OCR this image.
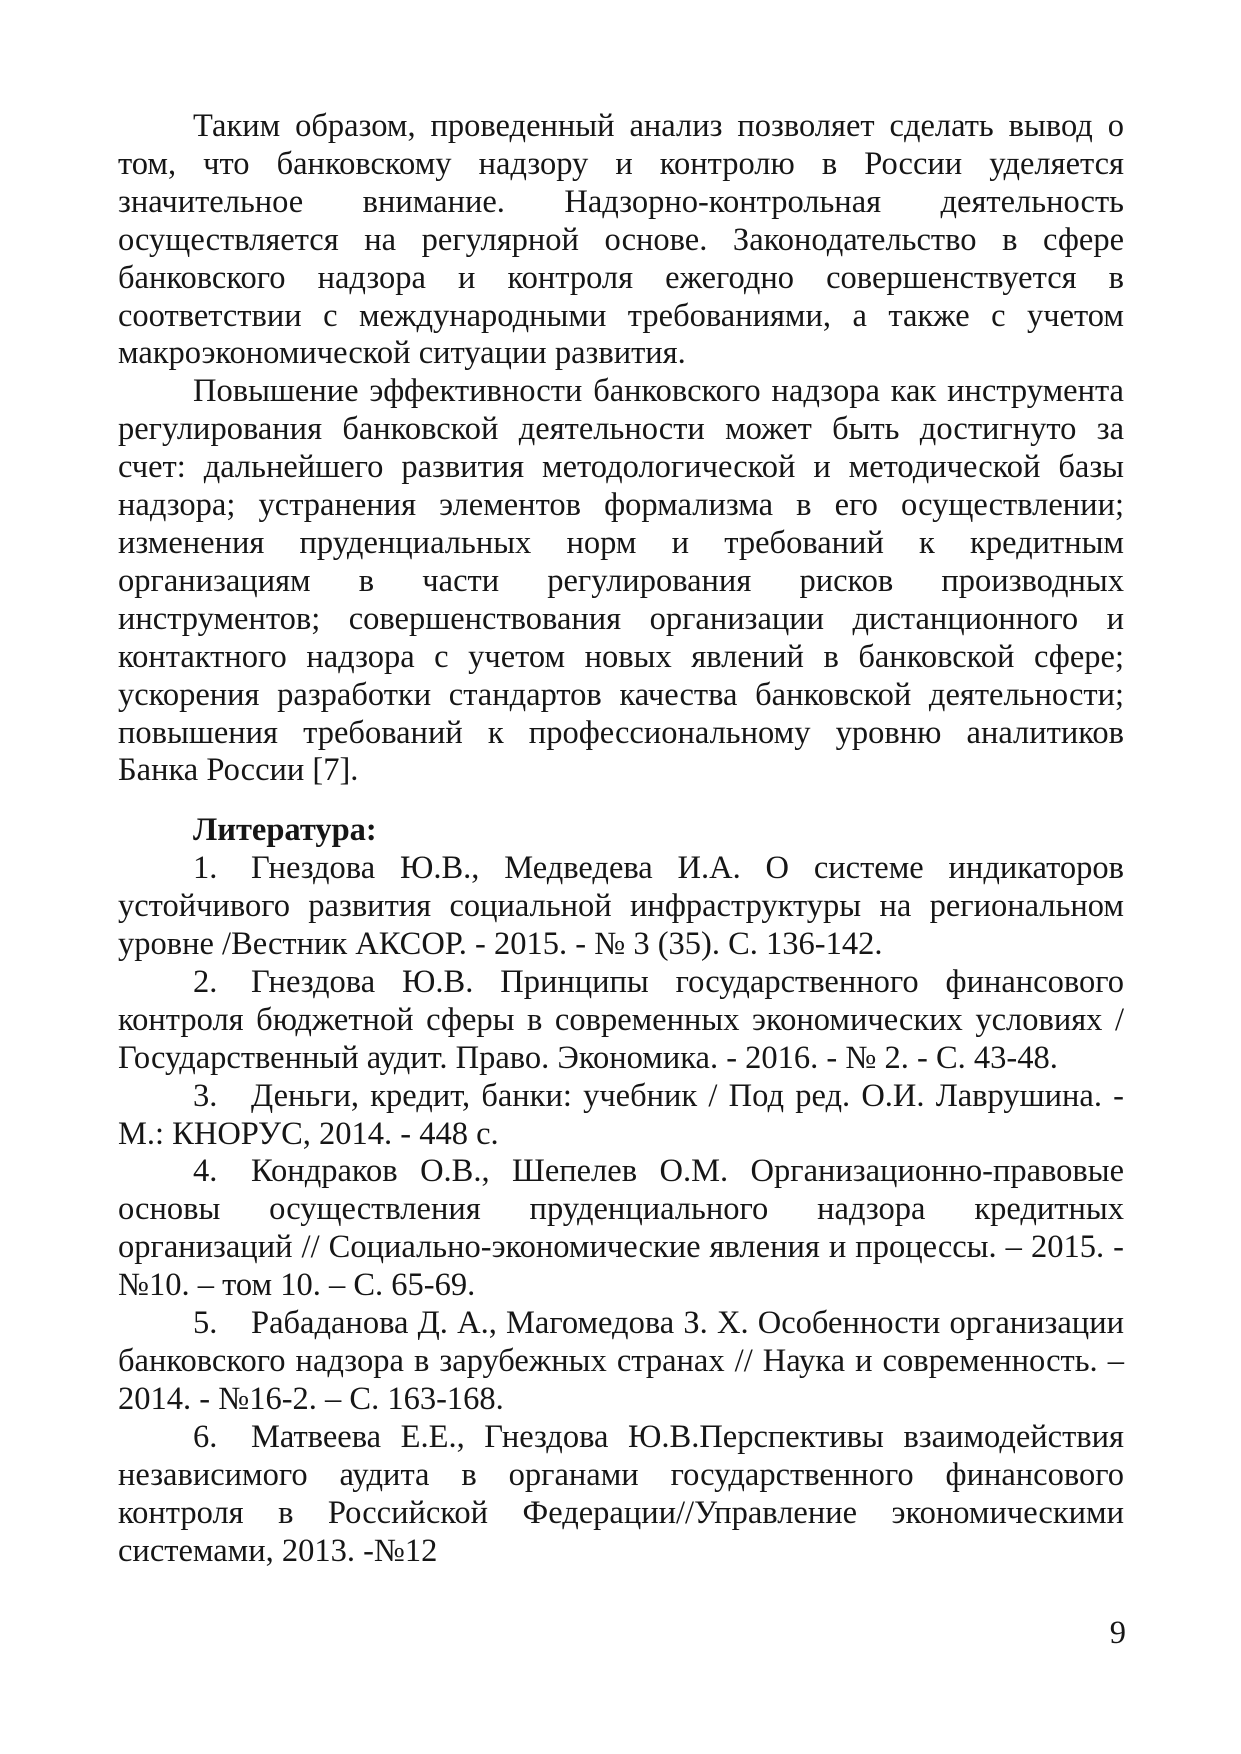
Таким образом, проведенный анализ позволяет сделать вывод о том, что банковскому надзору и контролю в России уделяется значительное внимание. Надзорно-контрольная деятельность осуществляется на регулярной основе. Законодательство в сфере банковского надзора и контроля ежегодно совершенствуется в соответствии с международными требованиями, а также с учетом макроэкономической ситуации развития.

Повышение эффективности банковского надзора как инструмента регулирования банковской деятельности может быть достигнуто за счет: дальнейшего развития методологической и методической базы надзора; устранения элементов формализма в его осуществлении; изменения пруденциальных норм и требований к кредитным организациям в части регулирования рисков производных инструментов; совершенствования организации дистанционного и контактного надзора с учетом новых явлений в банковской сфере; ускорения разработки стандартов качества банковской деятельности; повышения требований к профессиональному уровню аналитиков Банка России [7].

Литература:

1. Гнездова Ю.В., Медведева И.А. О системе индикаторов устойчивого развития социальной инфраструктуры на региональном уровне /Вестник АКСОР. - 2015. - № 3 (35). С. 136-142.
2. Гнездова Ю.В. Принципы государственного финансового контроля бюджетной сферы в современных экономических условиях / Государственный аудит. Право. Экономика. - 2016. - № 2. - С. 43-48.
3. Деньги, кредит, банки: учебник / Под ред. О.И. Лаврушина. - М.: КНОРУС, 2014. - 448 с.
4. Кондраков О.В., Шепелев О.М. Организационно-правовые основы осуществления пруденциального надзора кредитных организаций // Социально-экономические явления и процессы. – 2015. - №10. – том 10. – С. 65-69.
5. Рабаданова Д. А., Магомедова З. Х. Особенности организации банковского надзора в зарубежных странах // Наука и современность. – 2014. - №16-2. – С. 163-168.
6. Матвеева Е.Е., Гнездова Ю.В.Перспективы взаимодействия независимого аудита в органами государственного финансового контроля в Российской Федерации//Управление экономическими системами, 2013. -№12
9
